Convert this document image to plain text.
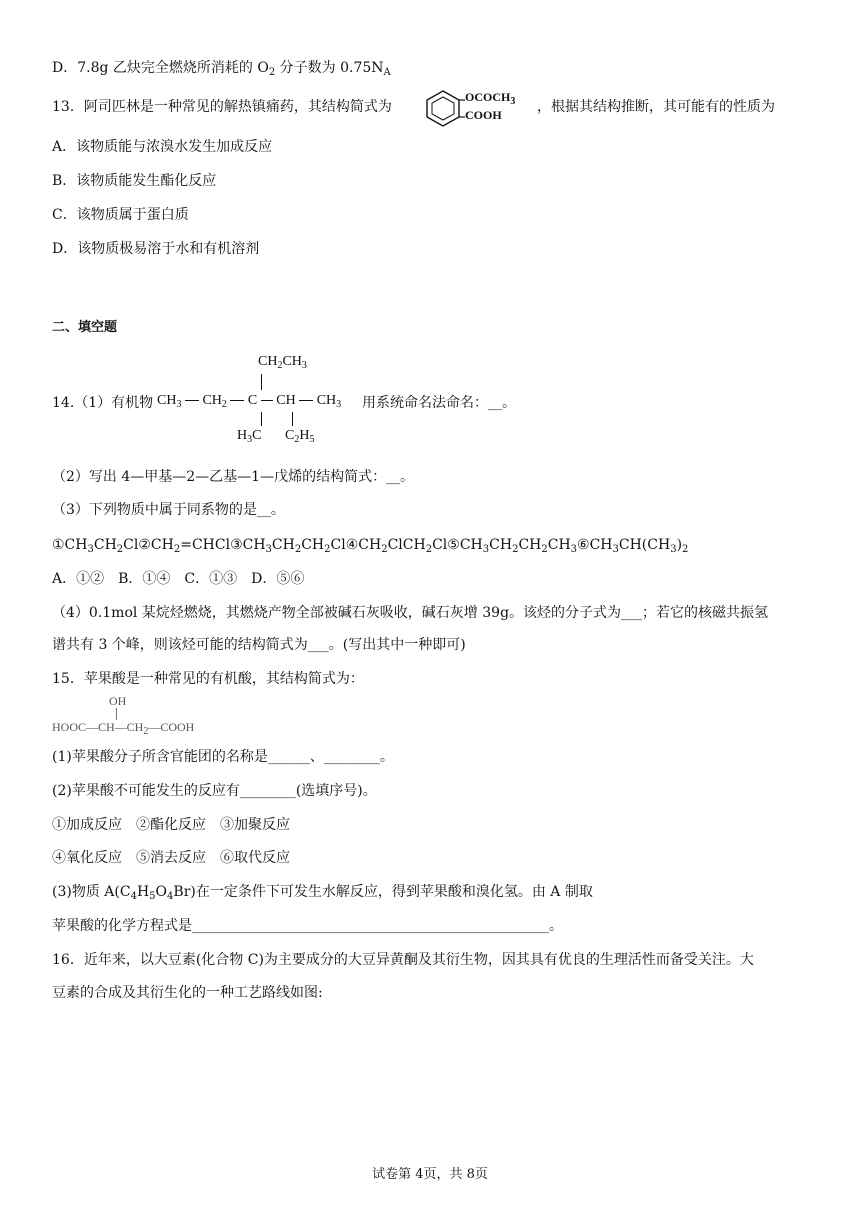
D．7.8g 乙炔完全燃烧所消耗的 $O_2$ 分子数为 $0.75N_A$
13．阿司匹林是一种常见的解热镇痛药，其结构简式为
$OCOCH_3$
COOH	，根据其结构推断，其可能有的性质为
A．该物质能与浓溴水发生加成反应
B．该物质能发生酯化反应
C．该物质属于蛋白质
D．该物质极易溶于水和有机溶剂
二、填空题
14.（1）有机物
$CH_2CH_3$
$CH_3$ $CH_2$ C CH $CH_3$
$H_3C$ $C_2H_5$
用系统命名法命名：__。
（2）写出 4—甲基—2—乙基—1—戊烯的结构简式：__。
（3）下列物质中属于同系物的是__。
$①CH_3CH_2Cl②CH_2=CHCl③CH_3CH_2CH_2Cl④CH_2ClCH_2Cl⑤CH_3CH_2CH_2CH_3⑥CH_3CH(CH_3)_2$
A．①②　B．①④　C．①③　D．⑤⑥
（4）0.1mol 某烷烃燃烧，其燃烧产物全部被碱石灰吸收，碱石灰增 39g。该烃的分子式为___；若它的核磁共振氢
谱共有 3 个峰，则该烃可能的结构简式为___。(写出其中一种即可)
15．苹果酸是一种常见的有机酸，其结构简式为：
OH
$HOOC—CH—CH_2—COOH$
(1)苹果酸分子所含官能团的名称是______、________。
(2)苹果酸不可能发生的反应有________(选填序号)。
①加成反应　②酯化反应　③加聚反应
④氧化反应　⑤消去反应　⑥取代反应
(3)物质 $A(C_4H_5O_4Br)$在一定条件下可发生水解反应，得到苹果酸和溴化氢。由 A 制取
苹果酸的化学方程式是___________________________________________________。
16．近年来，以大豆素(化合物 C)为主要成分的大豆异黄酮及其衍生物，因其具有优良的生理活性而备受关注。大
豆素的合成及其衍生化的一种工艺路线如图:
试卷第 4页，共 8页
